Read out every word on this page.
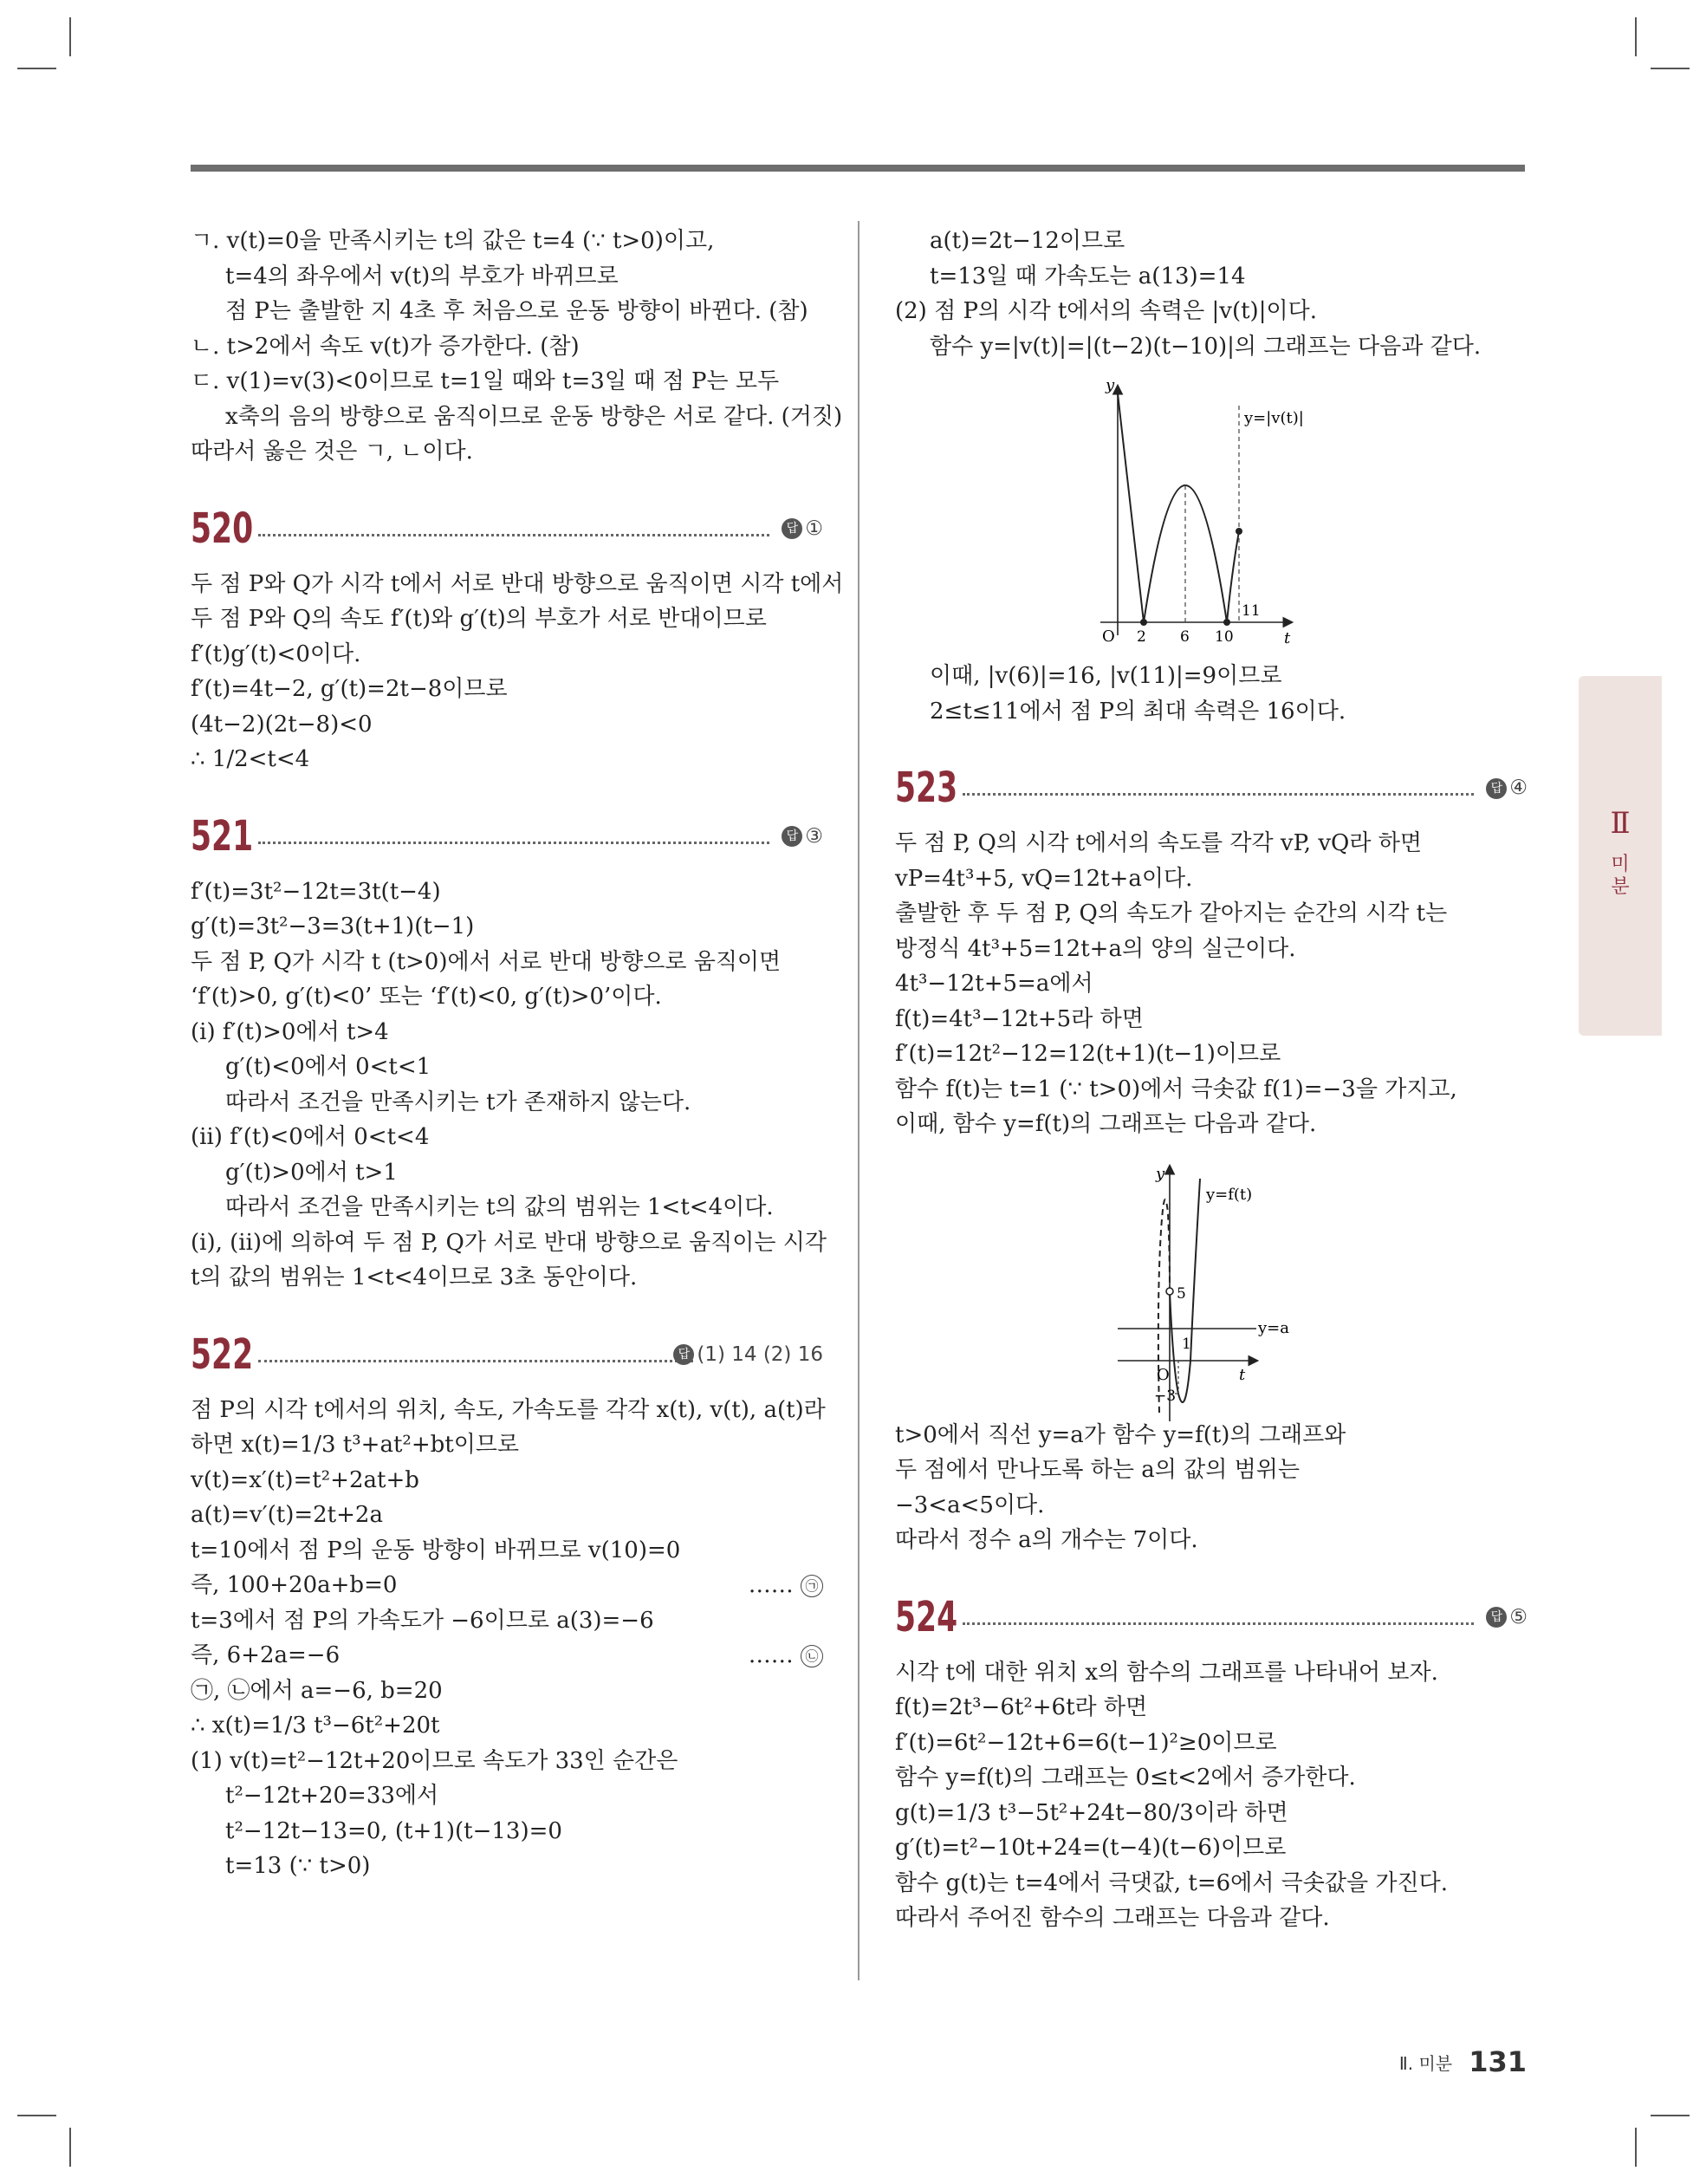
ㄱ. v(t)=0을 만족시키는 t의 값은 t=4 (∵ t>0)이고,

t=4의 좌우에서 v(t)의 부호가 바뀌므로

점 P는 출발한 지 4초 후 처음으로 운동 방향이 바뀐다. (참)

ㄴ. t>2에서 속도 v(t)가 증가한다. (참)

ㄷ. v(1)=v(3)<0이므로 t=1일 때와 t=3일 때 점 P는 모두

x축의 음의 방향으로 움직이므로 운동 방향은 서로 같다. (거짓)

따라서 옳은 것은 ㄱ, ㄴ이다.

520	답 ①

두 점 P와 Q가 시각 t에서 서로 반대 방향으로 움직이면 시각 t에서

두 점 P와 Q의 속도 f′(t)와 g′(t)의 부호가 서로 반대이므로

f′(t)g′(t)<0이다.

f′(t)=4t−2, g′(t)=2t−8이므로

(4t−2)(2t−8)<0

∴ 1/2<t<4

521	답 ③

f′(t)=3t²−12t=3t(t−4)

g′(t)=3t²−3=3(t+1)(t−1)

두 점 P, Q가 시각 t (t>0)에서 서로 반대 방향으로 움직이면

‘f′(t)>0, g′(t)<0’ 또는 ‘f′(t)<0, g′(t)>0’이다.

(ⅰ) f′(t)>0에서 t>4

g′(t)<0에서 0<t<1

따라서 조건을 만족시키는 t가 존재하지 않는다.

(ⅱ) f′(t)<0에서 0<t<4

g′(t)>0에서 t>1

따라서 조건을 만족시키는 t의 값의 범위는 1<t<4이다.

(ⅰ), (ⅱ)에 의하여 두 점 P, Q가 서로 반대 방향으로 움직이는 시각

t의 값의 범위는 1<t<4이므로 3초 동안이다.

522	답 (1) 14 (2) 16

점 P의 시각 t에서의 위치, 속도, 가속도를 각각 x(t), v(t), a(t)라

하면 x(t)=1/3 t³+at²+bt이므로

v(t)=x′(t)=t²+2at+b

a(t)=v′(t)=2t+2a

t=10에서 점 P의 운동 방향이 바뀌므로 v(10)=0

즉, 100+20a+b=0	…… ㉠

t=3에서 점 P의 가속도가 −6이므로 a(3)=−6

즉, 6+2a=−6	…… ㉡

㉠, ㉡에서 a=−6, b=20

∴ x(t)=1/3 t³−6t²+20t

(1) v(t)=t²−12t+20이므로 속도가 33인 순간은

t²−12t+20=33에서

t²−12t−13=0, (t+1)(t−13)=0

t=13 (∵ t>0)

a(t)=2t−12이므로

t=13일 때 가속도는 a(13)=14

(2) 점 P의 시각 t에서의 속력은 |v(t)|이다.

함수 y=|v(t)|=|(t−2)(t−10)|의 그래프는 다음과 같다.

이때, |v(6)|=16, |v(11)|=9이므로

2≤t≤11에서 점 P의 최대 속력은 16이다.

523	답 ④

두 점 P, Q의 시각 t에서의 속도를 각각 vP, vQ라 하면

vP=4t³+5, vQ=12t+a이다.

출발한 후 두 점 P, Q의 속도가 같아지는 순간의 시각 t는

방정식 4t³+5=12t+a의 양의 실근이다.

4t³−12t+5=a에서

f(t)=4t³−12t+5라 하면

f′(t)=12t²−12=12(t+1)(t−1)이므로

함수 f(t)는 t=1 (∵ t>0)에서 극솟값 f(1)=−3을 가지고,

이때, 함수 y=f(t)의 그래프는 다음과 같다.

t>0에서 직선 y=a가 함수 y=f(t)의 그래프와

두 점에서 만나도록 하는 a의 값의 범위는

−3<a<5이다.

따라서 정수 a의 개수는 7이다.

524	답 ⑤

시각 t에 대한 위치 x의 함수의 그래프를 나타내어 보자.

f(t)=2t³−6t²+6t라 하면

f′(t)=6t²−12t+6=6(t−1)²≥0이므로

함수 y=f(t)의 그래프는 0≤t<2에서 증가한다.

g(t)=1/3 t³−5t²+24t−80/3이라 하면

g′(t)=t²−10t+24=(t−4)(t−6)이므로

함수 g(t)는 t=4에서 극댓값, t=6에서 극솟값을 가진다.

따라서 주어진 함수의 그래프는 다음과 같다.

y
t
O 2 6 10
11
y=|v(t)|
y
t
O
5
1
−3
y=f(t)
y=a
Ⅱ
미
분
Ⅱ. 미분 131
